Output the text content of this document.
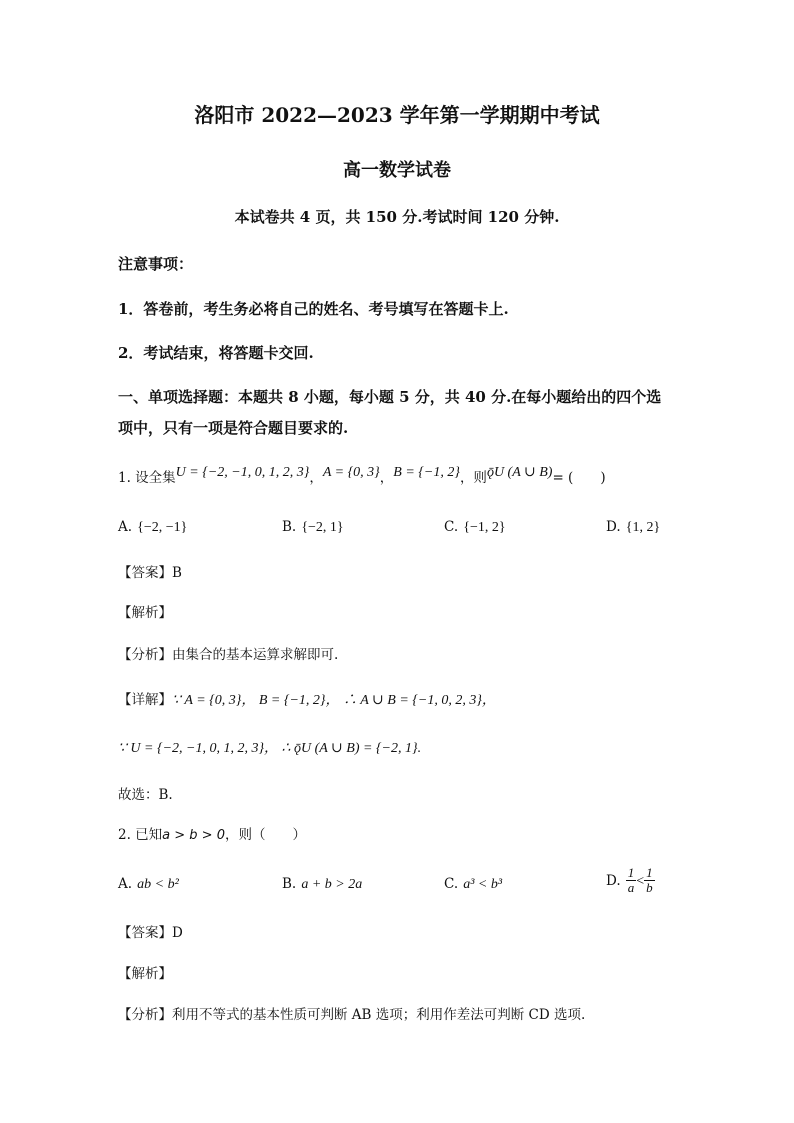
洛阳市 2022—2023 学年第一学期期中考试
高一数学试卷
本试卷共 4 页，共 150 分.考试时间 120 分钟.
注意事项：
1．答卷前，考生务必将自己的姓名、考号填写在答题卡上.
2．考试结束，将答题卡交回.
一、单项选择题：本题共 8 小题，每小题 5 分，共 40 分.在每小题给出的四个选
项中，只有一项是符合题目要求的.
1. 设全集U = {−2, −1, 0, 1, 2, 3}，A = {0, 3}，B = {−1, 2}，则ǭU (A ∪ B)= (　　)
A. {−2, −1}	B. {−2, 1}	C. {−1, 2}	D. {1, 2}
【答案】B
【解析】
【分析】由集合的基本运算求解即可.
【详解】∵ A = {0, 3}， B = {−1, 2}， ∴ A ∪ B = {−1, 0, 2, 3}，
∵ U = {−2, −1, 0, 1, 2, 3}， ∴ ǭU (A ∪ B) = {−2, 1}.
故选：B.
2. 已知a > b > 0，则（　　）
A. ab < b²	B. a + b > 2a	C. a³ < b³	D. $\frac{1}{a} < \frac{1}{b}$
【答案】D
【解析】
【分析】利用不等式的基本性质可判断 AB 选项；利用作差法可判断 CD 选项.
